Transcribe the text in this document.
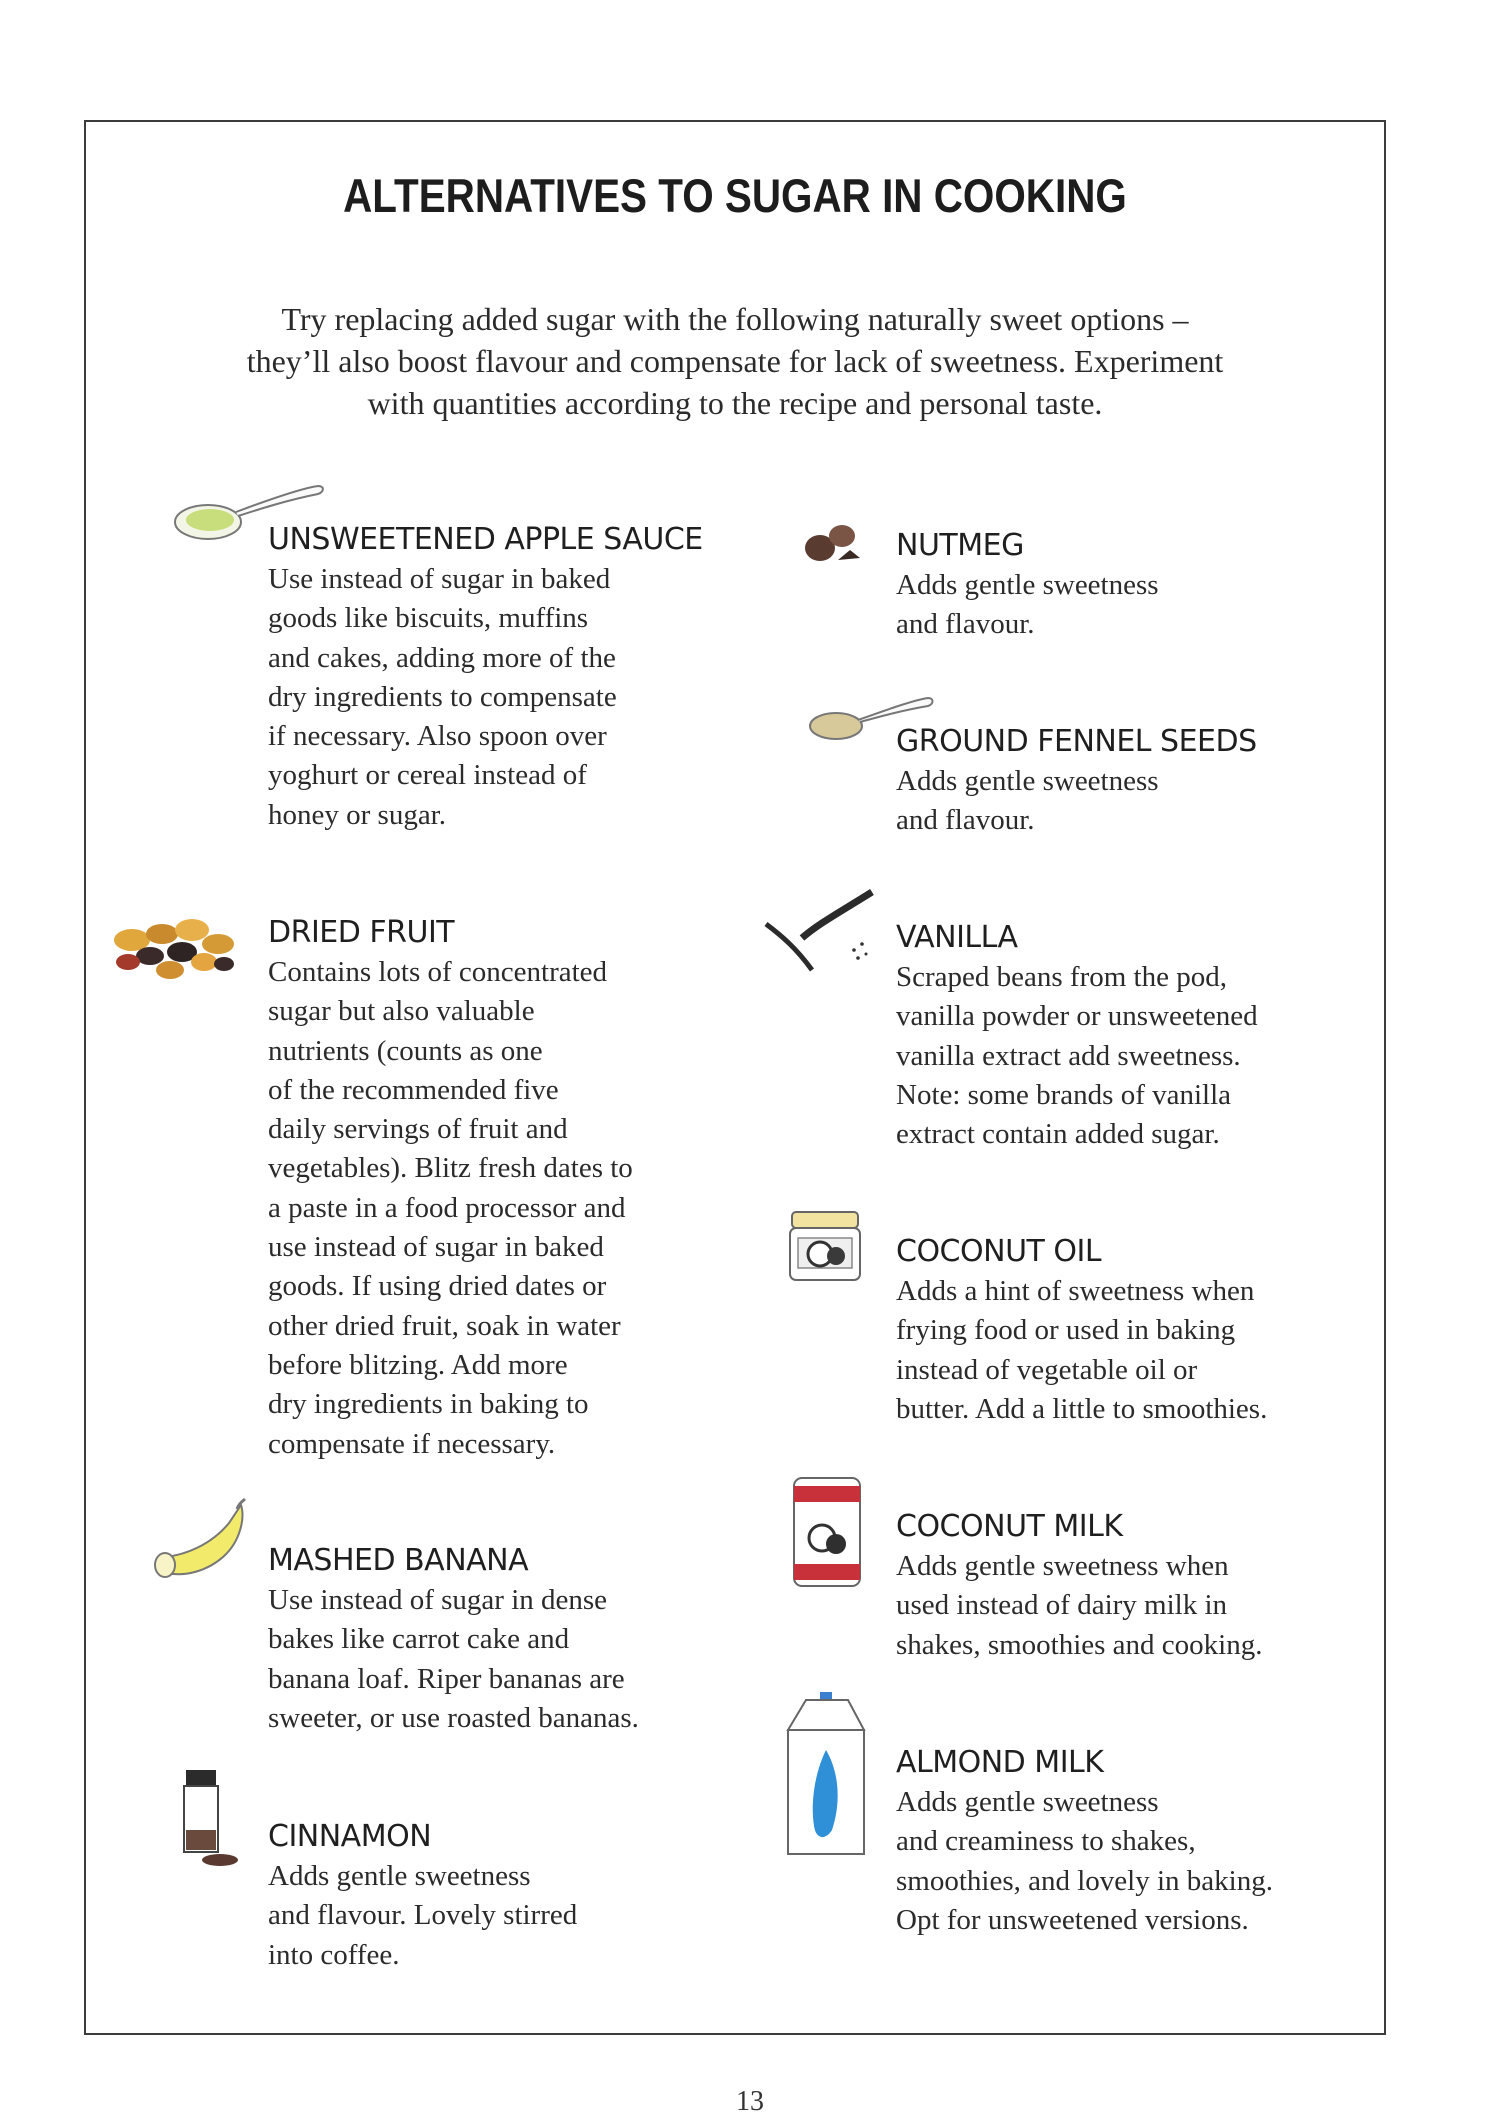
ALTERNATIVES TO SUGAR IN COOKING
Try replacing added sugar with the following naturally sweet options –
they’ll also boost flavour and compensate for lack of sweetness. Experiment
with quantities according to the recipe and personal taste.
UNSWEETENED APPLE SAUCE

Use instead of sugar in baked
goods like biscuits, muffins
and cakes, adding more of the
dry ingredients to compensate
if necessary. Also spoon over
yoghurt or cereal instead of
honey or sugar.

DRIED FRUIT

Contains lots of concentrated
sugar but also valuable
nutrients (counts as one
of the recommended five
daily servings of fruit and
vegetables). Blitz fresh dates to
a paste in a food processor and
use instead of sugar in baked
goods. If using dried dates or
other dried fruit, soak in water
before blitzing. Add more
dry ingredients in baking to
compensate if necessary.

MASHED BANANA

Use instead of sugar in dense
bakes like carrot cake and
banana loaf. Riper bananas are
sweeter, or use roasted bananas.

CINNAMON

Adds gentle sweetness
and flavour. Lovely stirred
into coffee.

NUTMEG

Adds gentle sweetness
and flavour.

GROUND FENNEL SEEDS

Adds gentle sweetness
and flavour.

VANILLA

Scraped beans from the pod,
vanilla powder or unsweetened
vanilla extract add sweetness.
Note: some brands of vanilla
extract contain added sugar.

COCONUT OIL

Adds a hint of sweetness when
frying food or used in baking
instead of vegetable oil or
butter. Add a little to smoothies.

COCONUT MILK

Adds gentle sweetness when
used instead of dairy milk in
shakes, smoothies and cooking.

ALMOND MILK

Adds gentle sweetness
and creaminess to shakes,
smoothies, and lovely in baking.
Opt for unsweetened versions.

13
